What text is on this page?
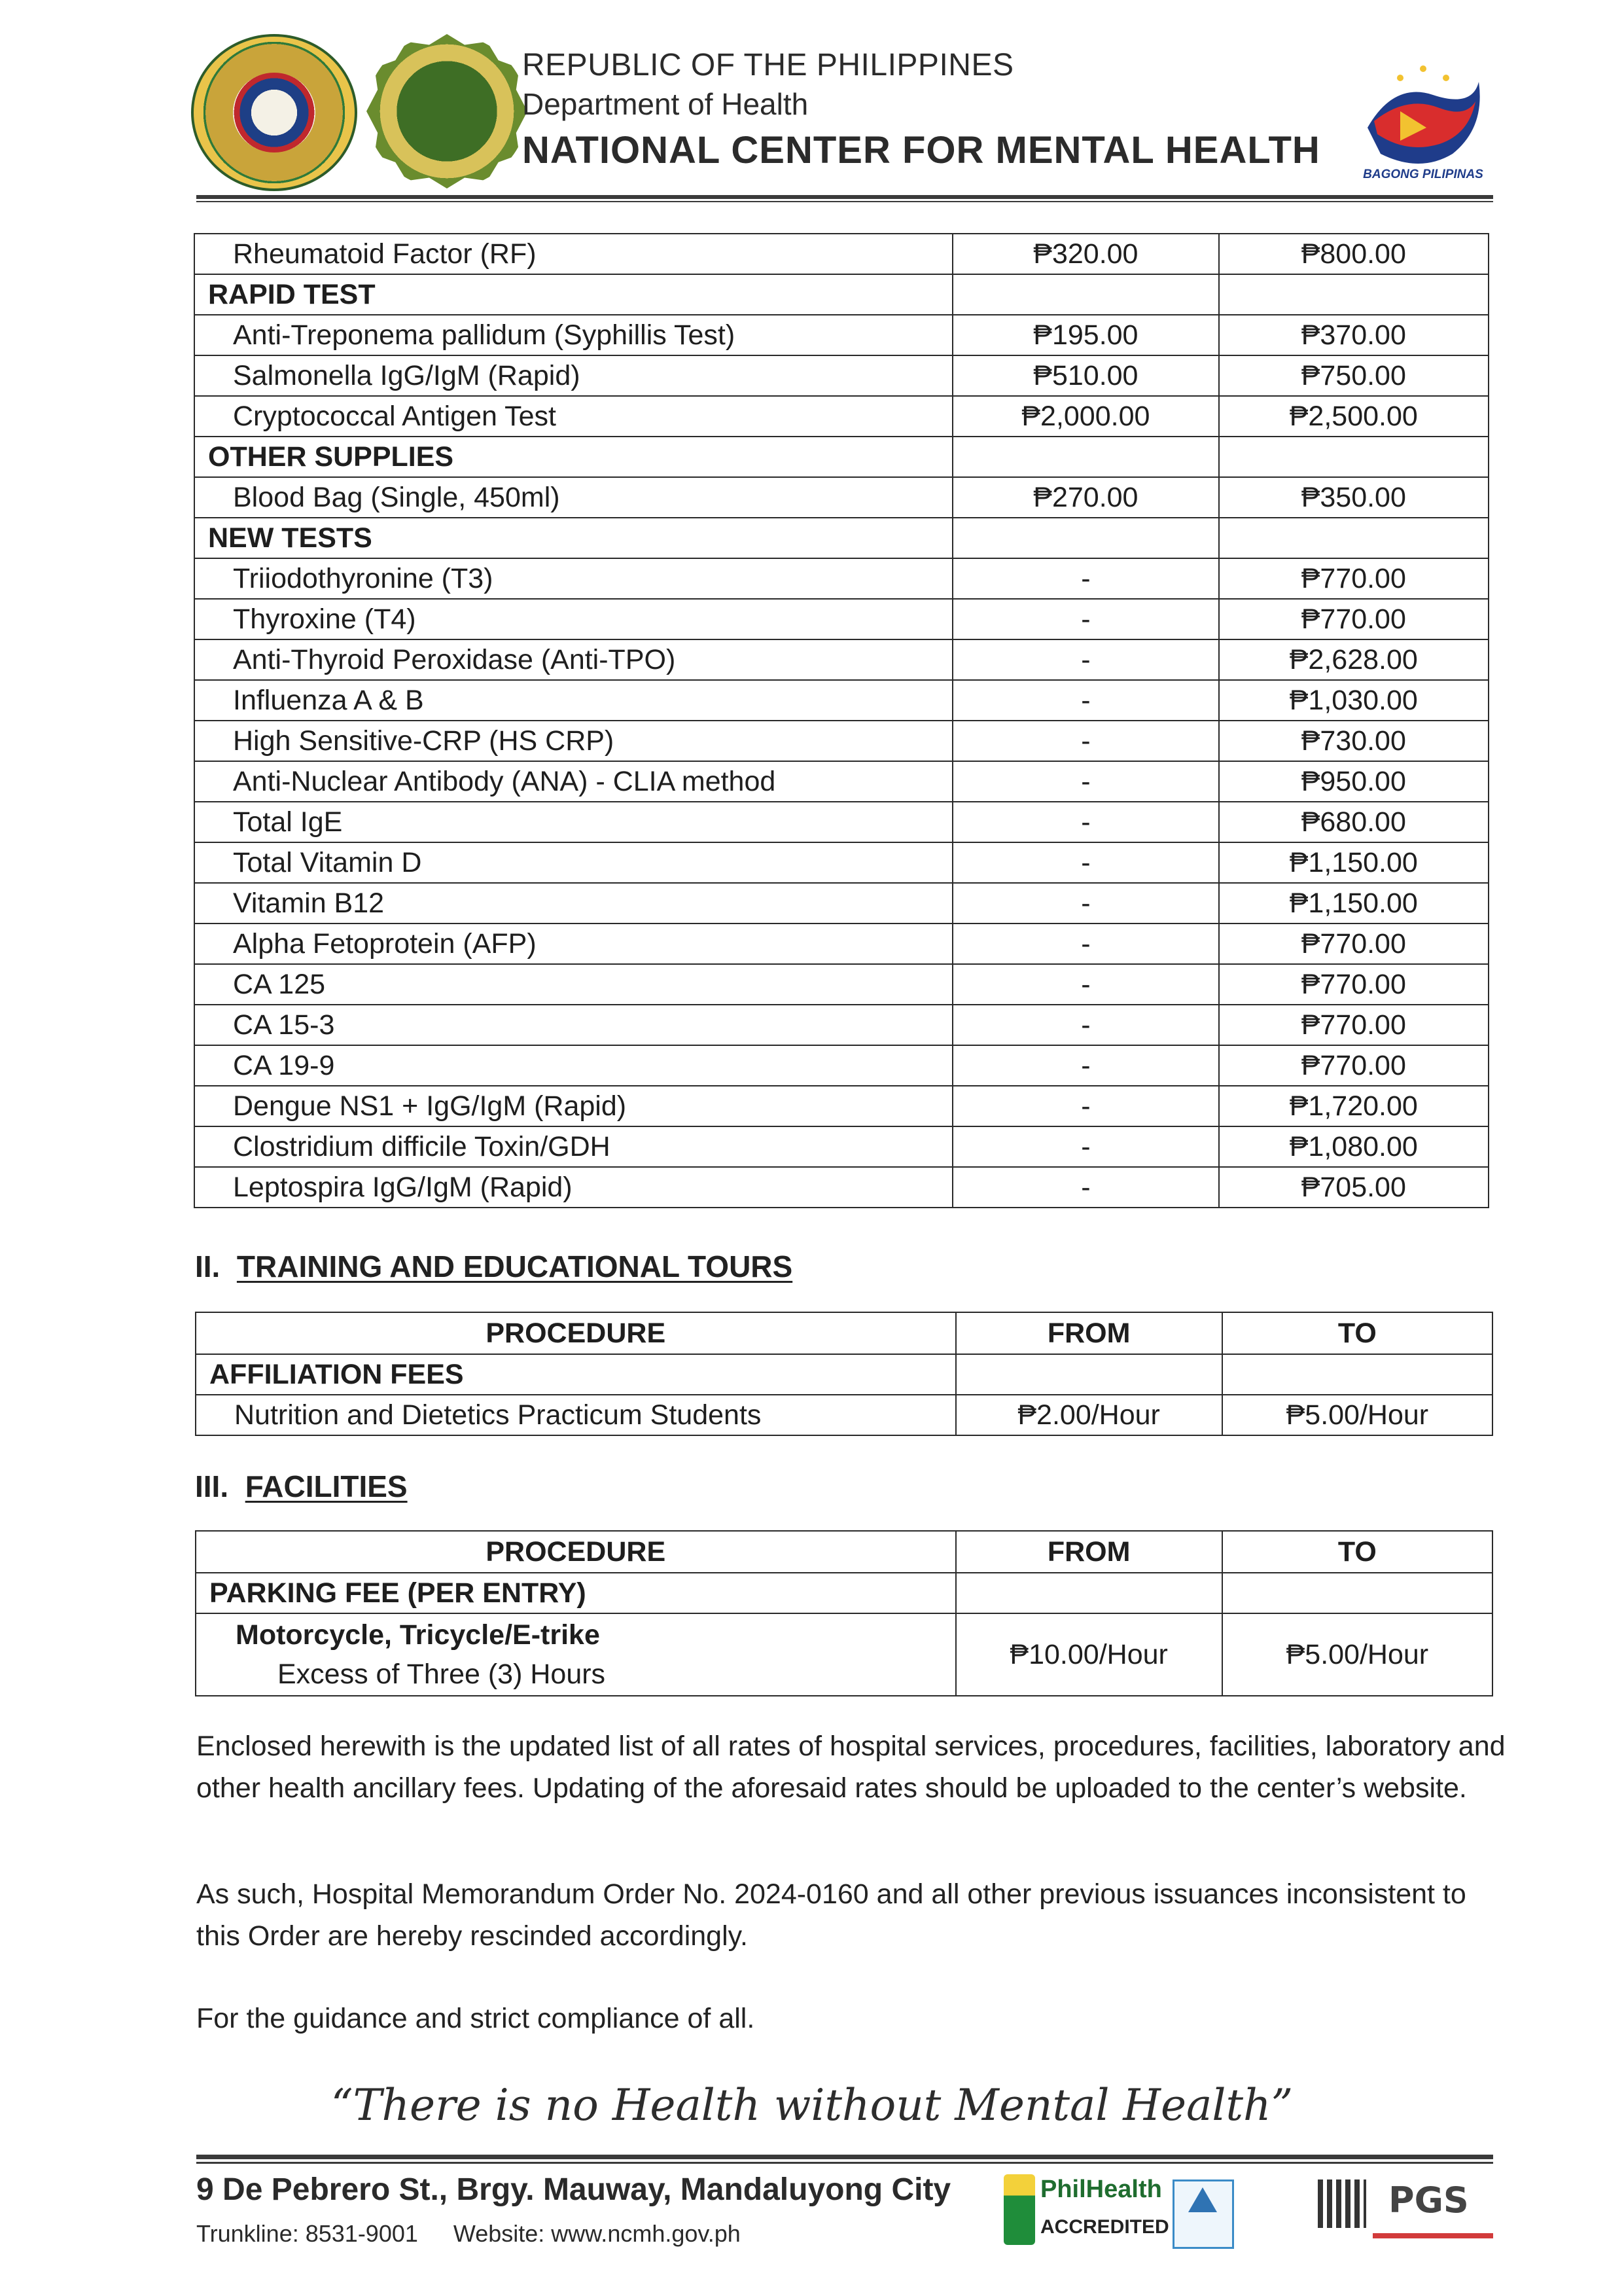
REPUBLIC OF THE PHILIPPINES
Department of Health
NATIONAL CENTER FOR MENTAL HEALTH
BAGONG PILIPINAS
Rheumatoid Factor (RF)	₱320.00	₱800.00
RAPID TEST		
Anti-Treponema pallidum (Syphillis Test)	₱195.00	₱370.00
Salmonella IgG/IgM (Rapid)	₱510.00	₱750.00
Cryptococcal Antigen Test	₱2,000.00	₱2,500.00
OTHER SUPPLIES		
Blood Bag (Single, 450ml)	₱270.00	₱350.00
NEW TESTS		
Triiodothyronine (T3)	-	₱770.00
Thyroxine (T4)	-	₱770.00
Anti-Thyroid Peroxidase (Anti-TPO)	-	₱2,628.00
Influenza A & B	-	₱1,030.00
High Sensitive-CRP (HS CRP)	-	₱730.00
Anti-Nuclear Antibody (ANA) - CLIA method	-	₱950.00
Total IgE	-	₱680.00
Total Vitamin D	-	₱1,150.00
Vitamin B12	-	₱1,150.00
Alpha Fetoprotein (AFP)	-	₱770.00
CA 125	-	₱770.00
CA 15-3	-	₱770.00
CA 19-9	-	₱770.00
Dengue NS1 + IgG/IgM (Rapid)	-	₱1,720.00
Clostridium difficile Toxin/GDH	-	₱1,080.00
Leptospira IgG/IgM (Rapid)	-	₱705.00
II. TRAINING AND EDUCATIONAL TOURS
PROCEDURE	FROM	TO
AFFILIATION FEES		
Nutrition and Dietetics Practicum Students	₱2.00/Hour	₱5.00/Hour
III. FACILITIES
PROCEDURE	FROM	TO
PARKING FEE (PER ENTRY)		
Motorcycle, Tricycle/E-trike
Excess of Three (3) Hours	₱10.00/Hour	₱5.00/Hour
Enclosed herewith is the updated list of all rates of hospital services, procedures, facilities, laboratory and other health ancillary fees. Updating of the aforesaid rates should be uploaded to the center’s website.
As such, Hospital Memorandum Order No. 2024-0160 and all other previous issuances inconsistent to this Order are hereby rescinded accordingly.
For the guidance and strict compliance of all.
“There is no Health without Mental Health”
9 De Pebrero St., Brgy. Mauway, Mandaluyong City
Trunkline: 8531-9001 Website: www.ncmh.gov.ph
PhilHealth
ACCREDITED
PGS
